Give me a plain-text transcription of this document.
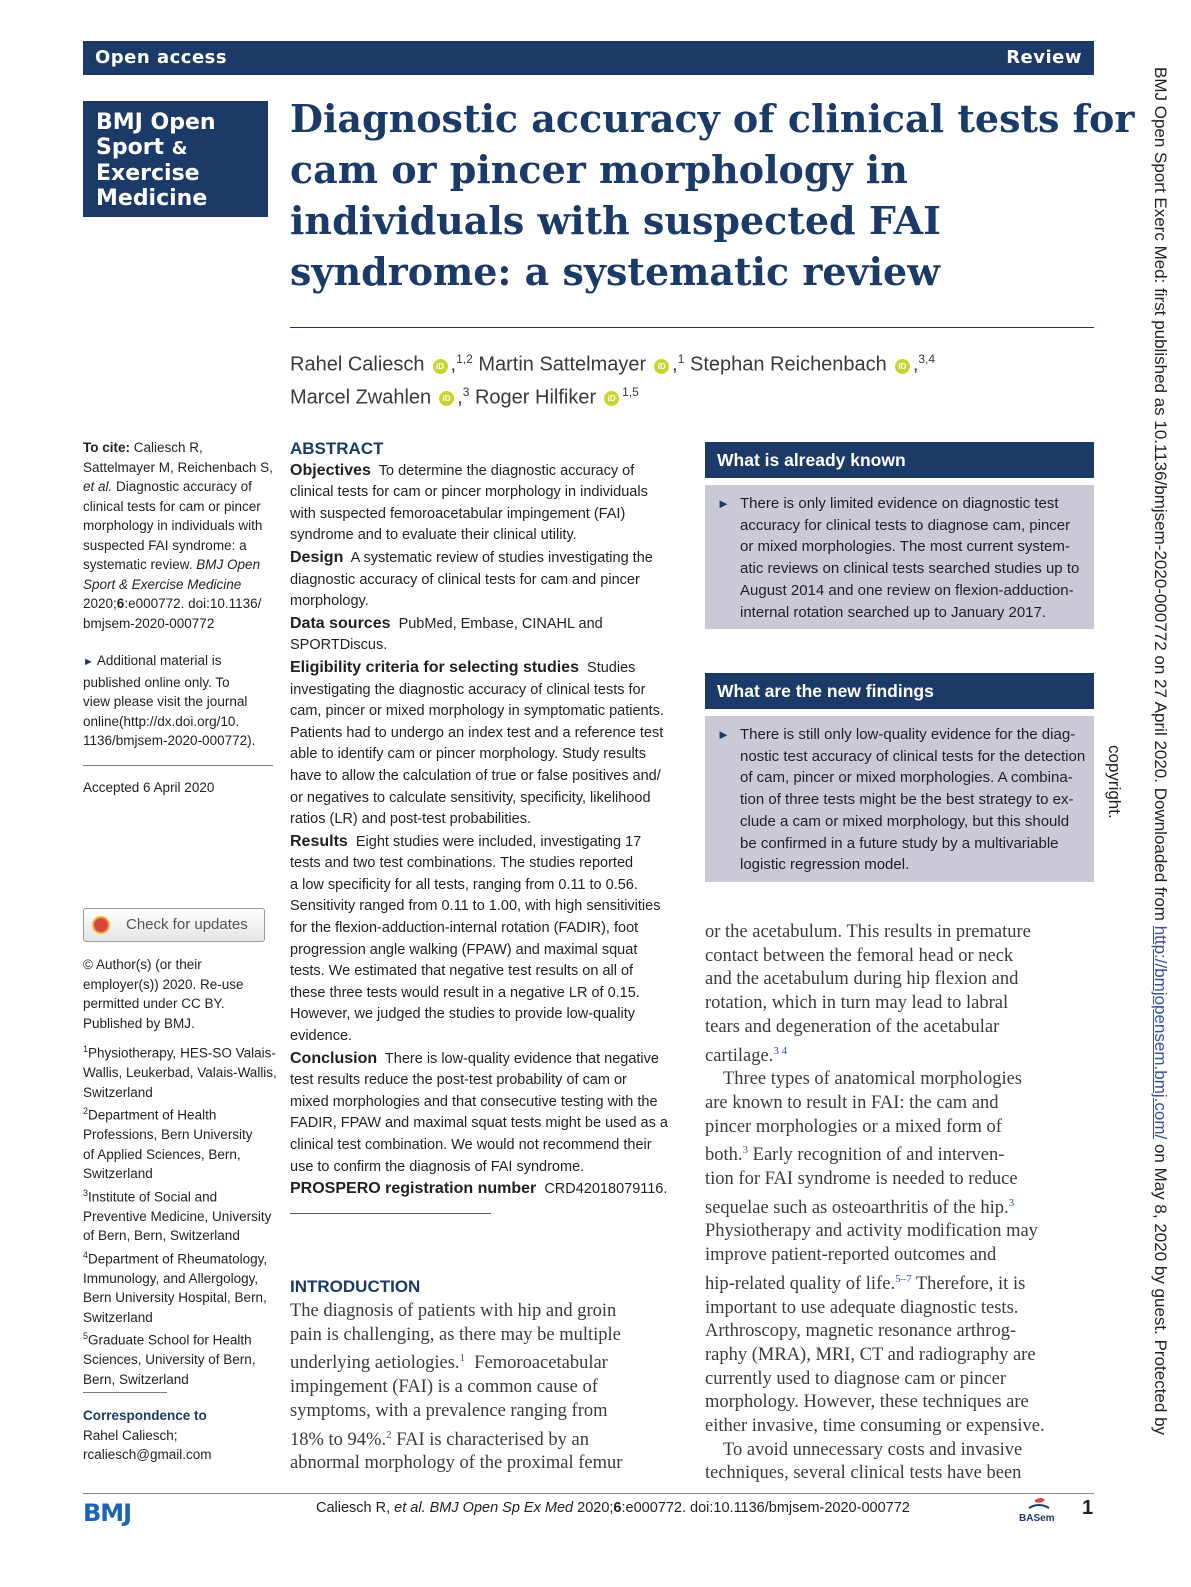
Open access	Review
BMJ Open
Sport &
Exercise
Medicine
Diagnostic accuracy of clinical tests for
cam or pincer morphology in
individuals with suspected FAI
syndrome: a systematic review
Rahel Caliesch iD ,$^{1,2}$ Martin Sattelmayer iD ,$^1$ Stephan Reichenbach iD ,$^{3,4}$
Marcel Zwahlen iD ,$^3$ Roger Hilfiker iD$^{1,5}$
To cite: Caliesch R,
Sattelmayer M, Reichenbach S,
et al. Diagnostic accuracy of
clinical tests for cam or pincer
morphology in individuals with
suspected FAI syndrome: a
systematic review. BMJ Open
Sport & Exercise Medicine
2020;6:e000772. doi:10.1136/
bmjsem-2020-000772
► Additional material is
published online only. To
view please visit the journal
online(http://dx.doi.org/10.
1136/bmjsem-2020-000772).
Accepted 6 April 2020
Check for updates
© Author(s) (or their
employer(s)) 2020. Re-use
permitted under CC BY.
Published by BMJ.
$^1$Physiotherapy, HES-SO Valais-
Wallis, Leukerbad, Valais-Wallis,
Switzerland
$^2$Department of Health
Professions, Bern University
of Applied Sciences, Bern,
Switzerland
$^3$Institute of Social and
Preventive Medicine, University
of Bern, Bern, Switzerland
$^4$Department of Rheumatology,
Immunology, and Allergology,
Bern University Hospital, Bern,
Switzerland
$^5$Graduate School for Health
Sciences, University of Bern,
Bern, Switzerland
Correspondence to
Rahel Caliesch;
rcaliesch@gmail.com
ABSTRACT
Objectives To determine the diagnostic accuracy of
clinical tests for cam or pincer morphology in individuals
with suspected femoroacetabular impingement (FAI)
syndrome and to evaluate their clinical utility.
Design A systematic review of studies investigating the
diagnostic accuracy of clinical tests for cam and pincer
morphology.
Data sources PubMed, Embase, CINAHL and
SPORTDiscus.
Eligibility criteria for selecting studies Studies
investigating the diagnostic accuracy of clinical tests for
cam, pincer or mixed morphology in symptomatic patients.
Patients had to undergo an index test and a reference test
able to identify cam or pincer morphology. Study results
have to allow the calculation of true or false positives and/
or negatives to calculate sensitivity, specificity, likelihood
ratios (LR) and post-test probabilities.
Results Eight studies were included, investigating 17
tests and two test combinations. The studies reported
a low specificity for all tests, ranging from 0.11 to 0.56.
Sensitivity ranged from 0.11 to 1.00, with high sensitivities
for the flexion-adduction-internal rotation (FADIR), foot
progression angle walking (FPAW) and maximal squat
tests. We estimated that negative test results on all of
these three tests would result in a negative LR of 0.15.
However, we judged the studies to provide low-quality
evidence.
Conclusion There is low-quality evidence that negative
test results reduce the post-test probability of cam or
mixed morphologies and that consecutive testing with the
FADIR, FPAW and maximal squat tests might be used as a
clinical test combination. We would not recommend their
use to confirm the diagnosis of FAI syndrome.
PROSPERO registration number CRD42018079116.
INTRODUCTION
The diagnosis of patients with hip and groin
pain is challenging, as there may be multiple
underlying aetiologies.$^1$ Femoroacetabular
impingement (FAI) is a common cause of
symptoms, with a prevalence ranging from
18% to 94%.$^2$ FAI is characterised by an
abnormal morphology of the proximal femur
What is already known
► There is only limited evidence on diagnostic test
accuracy for clinical tests to diagnose cam, pincer
or mixed morphologies. The most current system-
atic reviews on clinical tests searched studies up to
August 2014 and one review on flexion-adduction-
internal rotation searched up to January 2017.
What are the new findings
► There is still only low-quality evidence for the diag-
nostic test accuracy of clinical tests for the detection
of cam, pincer or mixed morphologies. A combina-
tion of three tests might be the best strategy to ex-
clude a cam or mixed morphology, but this should
be confirmed in a future study by a multivariable
logistic regression model.
or the acetabulum. This results in premature
contact between the femoral head or neck
and the acetabulum during hip flexion and
rotation, which in turn may lead to labral
tears and degeneration of the acetabular
cartilage.$^{3 4}$
Three types of anatomical morphologies
are known to result in FAI: the cam and
pincer morphologies or a mixed form of
both.$^3$ Early recognition of and interven-
tion for FAI syndrome is needed to reduce
sequelae such as osteoarthritis of the hip.$^3$
Physiotherapy and activity modification may
improve patient-reported outcomes and
hip-related quality of life.$^{5-7}$ Therefore, it is
important to use adequate diagnostic tests.
Arthroscopy, magnetic resonance arthrog-
raphy (MRA), MRI, CT and radiography are
currently used to diagnose cam or pincer
morphology. However, these techniques are
either invasive, time consuming or expensive.
To avoid unnecessary costs and invasive
techniques, several clinical tests have been
BMJ Open Sport Exerc Med: first published as 10.1136/bmjsem-2020-000772 on 27 April 2020. Downloaded from http://bmjopensem.bmj.com/ on May 8, 2020 by guest. Protected by
copyright.
BMJ	Caliesch R, et al. BMJ Open Sp Ex Med 2020;6:e000772. doi:10.1136/bmjsem-2020-000772
BASem 1
